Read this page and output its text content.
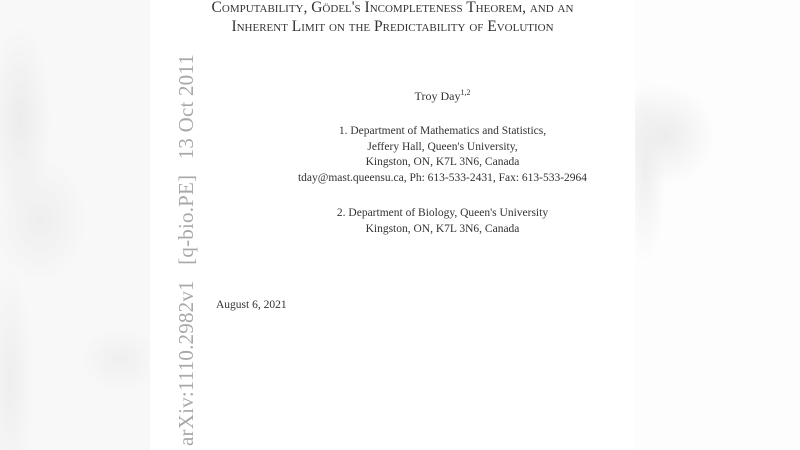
arXiv:1110.2982v1 [q-bio.PE] 13 Oct 2011
Computability, Gödel's Incompleteness Theorem, and an
Inherent Limit on the Predictability of Evolution
Troy Day$^{1,2}$
1. Department of Mathematics and Statistics,
Jeffery Hall, Queen's University,
Kingston, ON, K7L 3N6, Canada
tday@mast.queensu.ca, Ph: 613-533-2431, Fax: 613-533-2964
2. Department of Biology, Queen's University
Kingston, ON, K7L 3N6, Canada
August 6, 2021
